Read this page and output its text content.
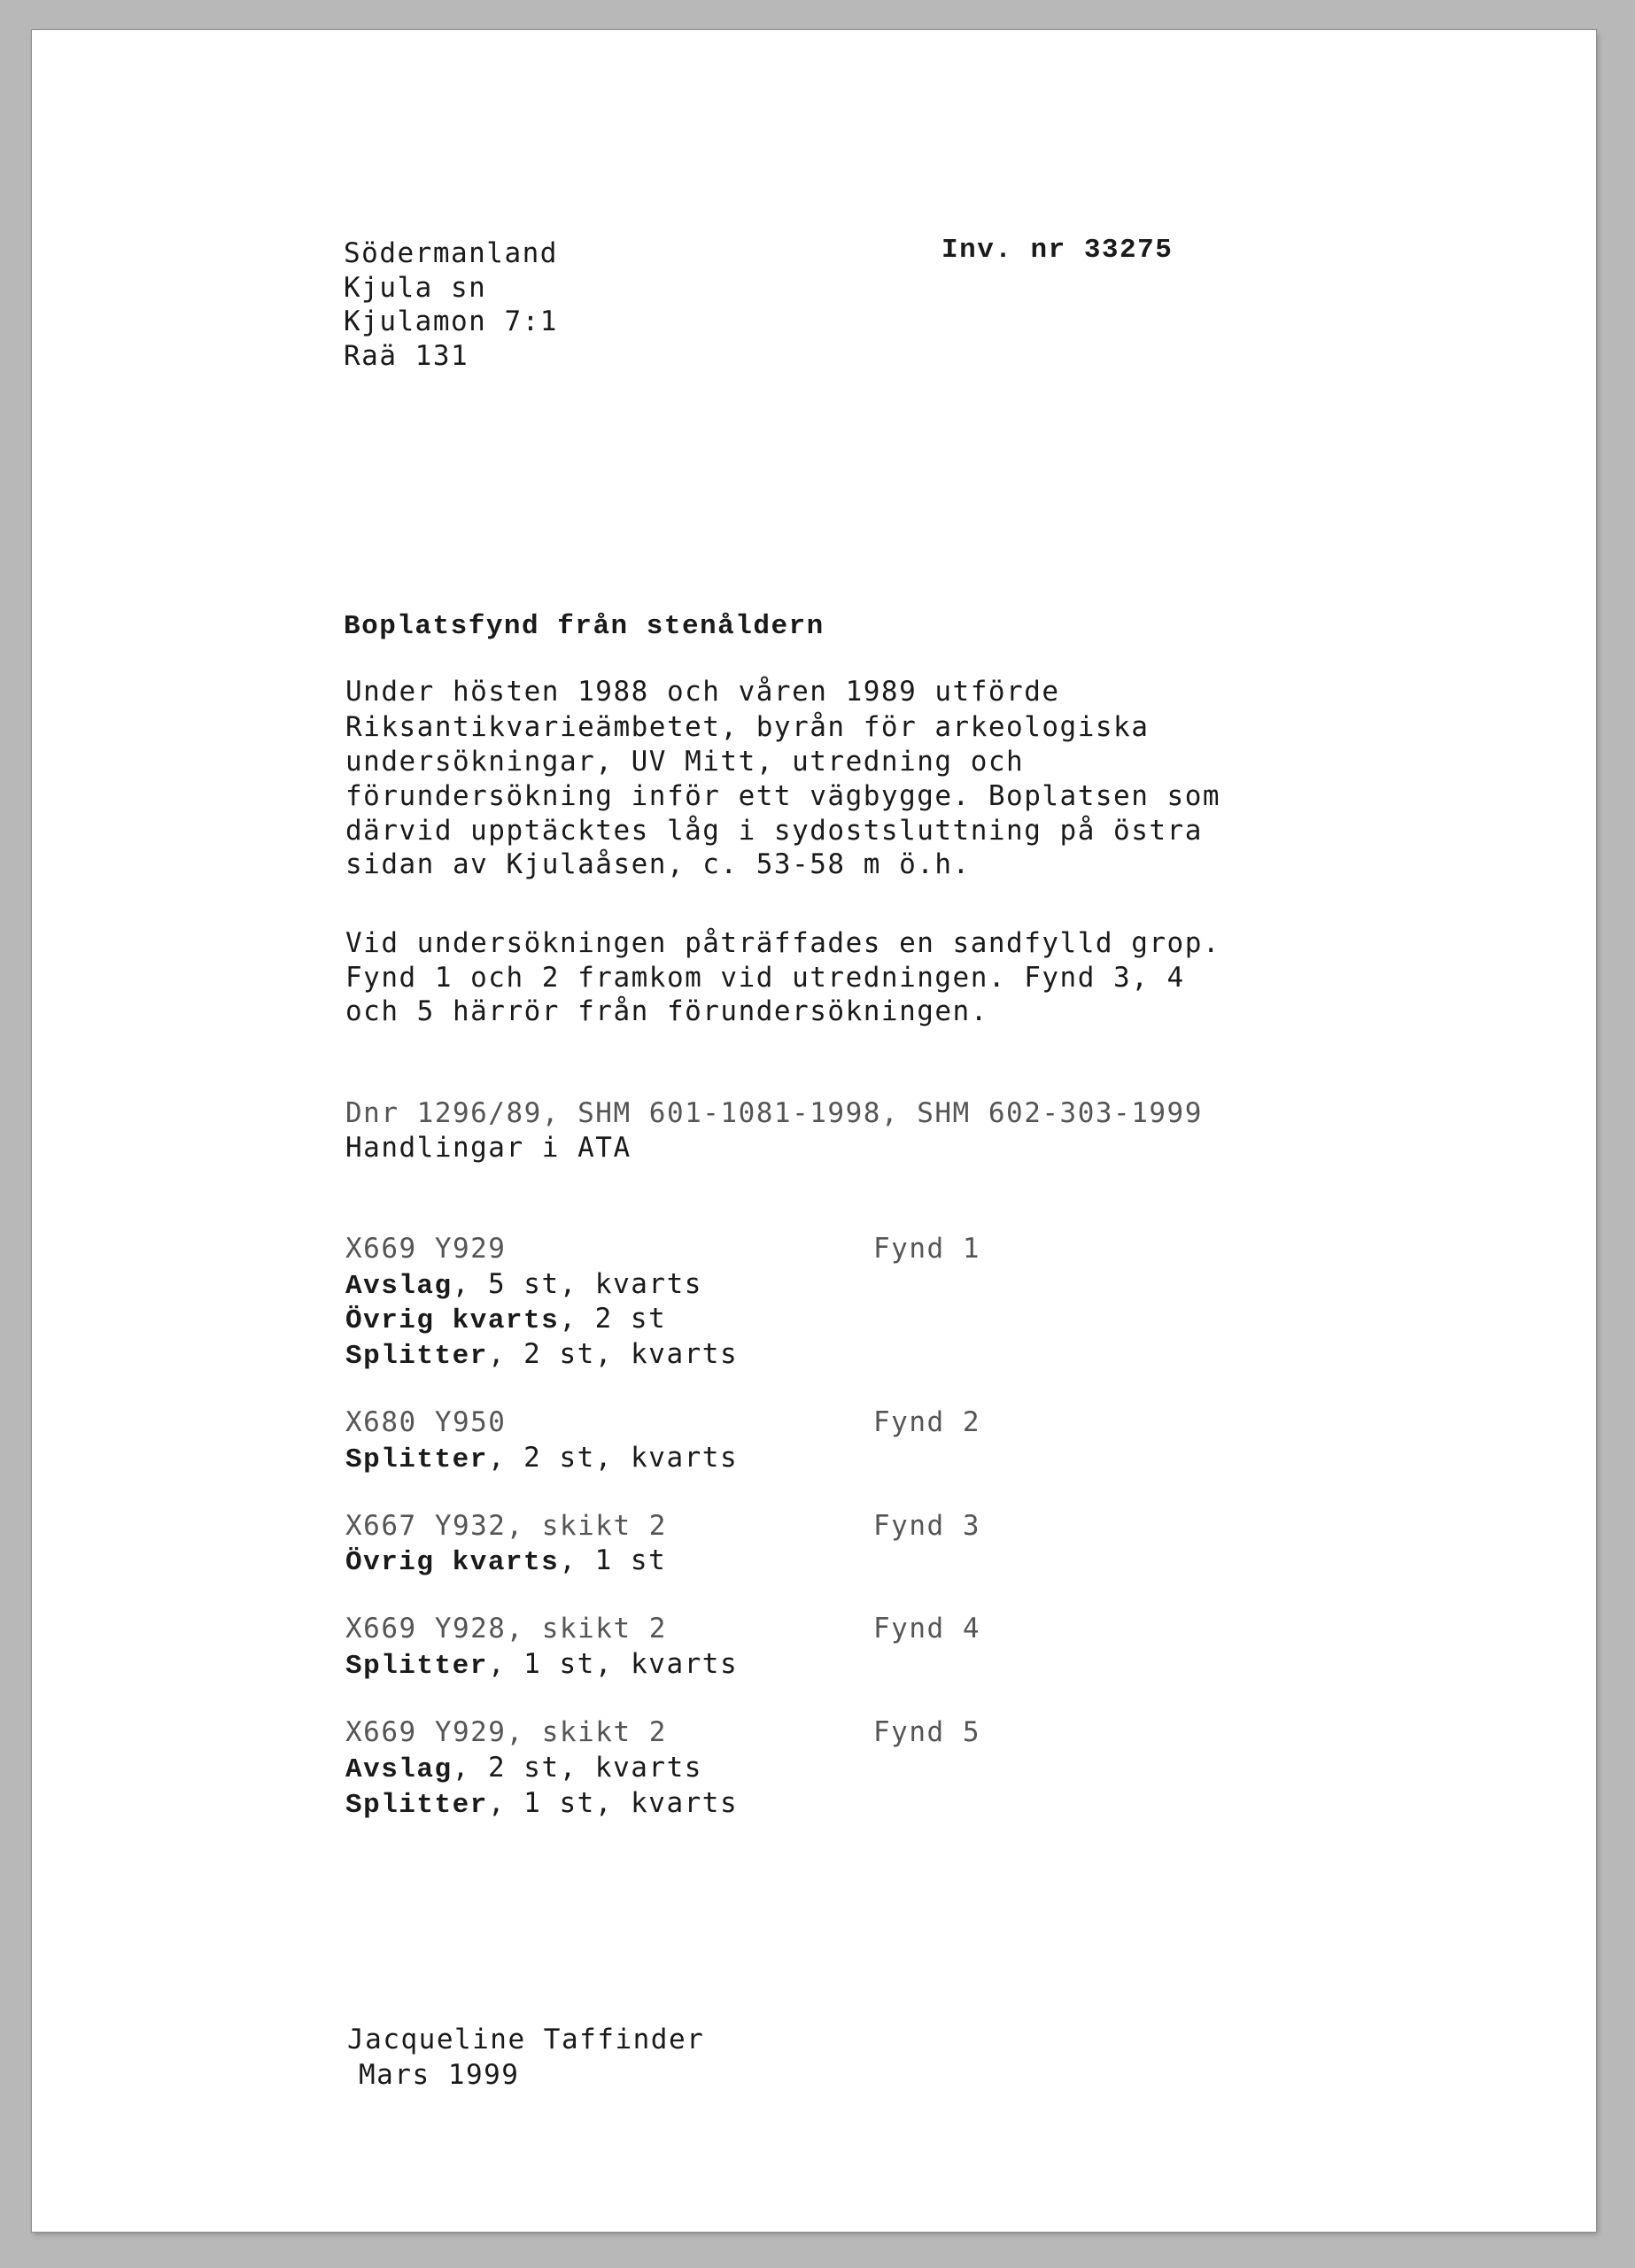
Södermanland
Kjula sn
Kjulamon 7:1
Raä 131
Inv. nr 33275
Boplatsfynd från stenåldern
Under hösten 1988 och våren 1989 utförde
Riksantikvarieämbetet, byrån för arkeologiska
undersökningar, UV Mitt, utredning och
förundersökning inför ett vägbygge. Boplatsen som
därvid upptäcktes låg i sydostsluttning på östra
sidan av Kjulaåsen, c. 53-58 m ö.h.
Vid undersökningen påträffades en sandfylld grop.
Fynd 1 och 2 framkom vid utredningen. Fynd 3, 4
och 5 härrör från förundersökningen.
Dnr 1296/89, SHM 601-1081-1998, SHM 602-303-1999
Handlingar i ATA
X669 Y929	Fynd 1
Avslag, 5 st, kvarts
Övrig kvarts, 2 st
Splitter, 2 st, kvarts
X680 Y950	Fynd 2
Splitter, 2 st, kvarts
X667 Y932, skikt 2	Fynd 3
Övrig kvarts, 1 st
X669 Y928, skikt 2	Fynd 4
Splitter, 1 st, kvarts
X669 Y929, skikt 2	Fynd 5
Avslag, 2 st, kvarts
Splitter, 1 st, kvarts
Jacqueline Taffinder
Mars 1999
